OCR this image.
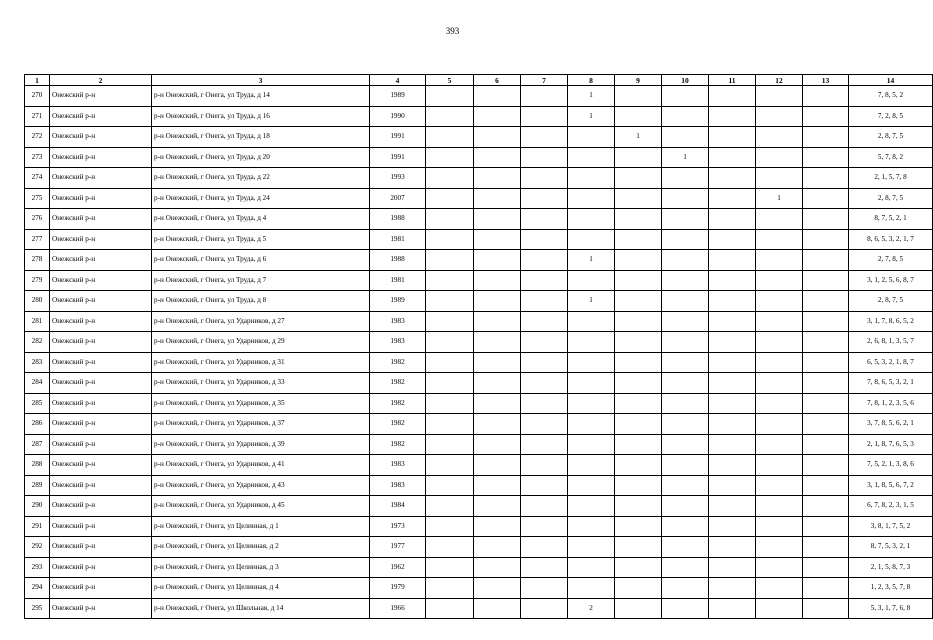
393
1	2	3	4	5	6	7	8	9	10	11	12	13	14
270	Онежский р-н	р-н Онежский, г Онега, ул Труда, д 14	1989				1						7, 8, 5, 2
271	Онежский р-н	р-н Онежский, г Онега, ул Труда, д 16	1990				1						7, 2, 8, 5
272	Онежский р-н	р-н Онежский, г Онега, ул Труда, д 18	1991					1					2, 8, 7, 5
273	Онежский р-н	р-н Онежский, г Онега, ул Труда, д 20	1991						1				5, 7, 8, 2
274	Онежский р-н	р-н Онежский, г Онега, ул Труда, д 22	1993										2, 1, 5, 7, 8
275	Онежский р-н	р-н Онежский, г Онега, ул Труда, д 24	2007								1		2, 8, 7, 5
276	Онежский р-н	р-н Онежский, г Онега, ул Труда, д 4	1988										8, 7, 5, 2, 1
277	Онежский р-н	р-н Онежский, г Онега, ул Труда, д 5	1981										8, 6, 5, 3, 2, 1, 7
278	Онежский р-н	р-н Онежский, г Онега, ул Труда, д 6	1988				1						2, 7, 8, 5
279	Онежский р-н	р-н Онежский, г Онега, ул Труда, д 7	1981										3, 1, 2, 5, 6, 8, 7
280	Онежский р-н	р-н Онежский, г Онега, ул Труда, д 8	1989				1						2, 8, 7, 5
281	Онежский р-н	р-н Онежский, г Онега, ул Ударников, д 27	1983										3, 1, 7, 8, 6, 5, 2
282	Онежский р-н	р-н Онежский, г Онега, ул Ударников, д 29	1983										2, 6, 8, 1, 3, 5, 7
283	Онежский р-н	р-н Онежский, г Онега, ул Ударников, д 31	1982										6, 5, 3, 2, 1, 8, 7
284	Онежский р-н	р-н Онежский, г Онега, ул Ударников, д 33	1982										7, 8, 6, 5, 3, 2, 1
285	Онежский р-н	р-н Онежский, г Онега, ул Ударников, д 35	1982										7, 8, 1, 2, 3, 5, 6
286	Онежский р-н	р-н Онежский, г Онега, ул Ударников, д 37	1982										3, 7, 8, 5, 6, 2, 1
287	Онежский р-н	р-н Онежский, г Онега, ул Ударников, д 39	1982										2, 1, 8, 7, 6, 5, 3
288	Онежский р-н	р-н Онежский, г Онега, ул Ударников, д 41	1983										7, 5, 2, 1, 3, 8, 6
289	Онежский р-н	р-н Онежский, г Онега, ул Ударников, д 43	1983										3, 1, 8, 5, 6, 7, 2
290	Онежский р-н	р-н Онежский, г Онега, ул Ударников, д 45	1984										6, 7, 8, 2, 3, 1, 5
291	Онежский р-н	р-н Онежский, г Онега, ул Целинная, д 1	1973										3, 8, 1, 7, 5, 2
292	Онежский р-н	р-н Онежский, г Онега, ул Целинная, д 2	1977										8, 7, 5, 3, 2, 1
293	Онежский р-н	р-н Онежский, г Онега, ул Целинная, д 3	1962										2, 1, 5, 8, 7, 3
294	Онежский р-н	р-н Онежский, г Онега, ул Целинная, д 4	1979										1, 2, 3, 5, 7, 8
295	Онежский р-н	р-н Онежский, г Онега, ул Школьная, д 14	1966				2						5, 3, 1, 7, 6, 8
